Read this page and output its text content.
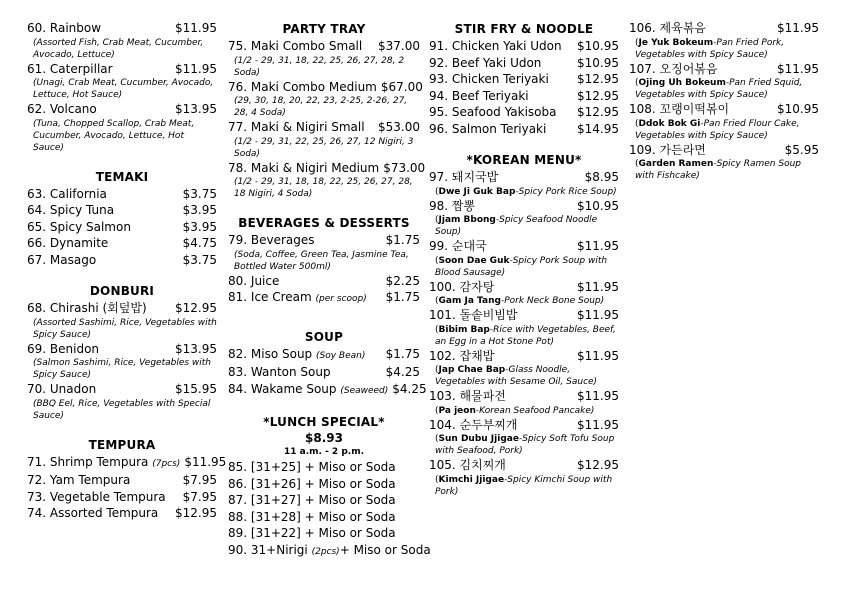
60. Rainbow	$11.95
(Assorted Fish, Crab Meat, Cucumber, Avocado, Lettuce)
61. Caterpillar	$11.95
(Unagi, Crab Meat, Cucumber, Avocado, Lettuce, Hot Sauce)
62. Volcano	$13.95
(Tuna, Chopped Scallop, Crab Meat, Cucumber, Avocado, Lettuce, Hot Sauce)
TEMAKI
63. California	$3.75
64. Spicy Tuna	$3.95
65. Spicy Salmon	$3.95
66. Dynamite	$4.75
67. Masago	$3.75
DONBURI
68. Chirashi (회덮밥) $12.95
(Assorted Sashimi, Rice, Vegetables with Spicy Sauce)
69. Benidon	$13.95
(Salmon Sashimi, Rice, Vegetables with Spicy Sauce)
70. Unadon	$15.95
(BBQ Eel, Rice, Vegetables with Special Sauce)
TEMPURA
71. Shrimp Tempura (7pcs) $11.95
72. Yam Tempura	$7.95
73. Vegetable Tempura $7.95
74. Assorted Tempura $12.95
PARTY TRAY
75. Maki Combo Small $37.00
(1/2 - 29, 31, 18, 22, 25, 26, 27, 28, 2 Soda)
76. Maki Combo Medium $67.00
(29, 30, 18, 20, 22, 23, 2-25, 2-26, 27, 28, 4 Soda)
77. Maki & Nigiri Small $53.00
(1/2 - 29, 31, 22, 25, 26, 27, 12 Nigiri, 3 Soda)
78. Maki & Nigiri Medium $73.00
(1/2 - 29, 31, 18, 18, 22, 25, 26, 27, 28, 18 Nigiri, 4 Soda)
BEVERAGES & DESSERTS
79. Beverages	$1.75
(Soda, Coffee, Green Tea, Jasmine Tea, Bottled Water 500ml)
80. Juice	$2.25
81. Ice Cream (per scoop) $1.75
SOUP
82. Miso Soup (Soy Bean) $1.75
83. Wanton Soup	$4.25
84. Wakame Soup (Seaweed) $4.25
*LUNCH SPECIAL*
$8.93
11 a.m. - 2 p.m.
85. [31+25] + Miso or Soda
86. [31+26] + Miso or Soda
87. [31+27] + Miso or Soda
88. [31+28] + Miso or Soda
89. [31+22] + Miso or Soda
90. 31+Nirigi
(2pcs) + Miso or Soda
STIR FRY & NOODLE
91. Chicken Yaki Udon $10.95
92. Beef Yaki Udon	$10.95
93. Chicken Teriyaki $12.95
94. Beef Teriyaki	$12.95
95. Seafood Yakisoba $12.95
96. Salmon Teriyaki	$14.95
*KOREAN MENU*
97. 돼지국밥	$8.95
(Dwe Ji Guk Bap-Spicy Pork Rice Soup)
98. 짬뽕	$10.95
(Jjam Bbong-Spicy Seafood Noodle Soup)
99. 순대국	$11.95
(Soon Dae Guk-Spicy Pork Soup with Blood Sausage)
100. 감자탕	$11.95
(Gam Ja Tang-Pork Neck Bone Soup)
101. 돌솥비빔밥	$11.95
(Bibim Bap-Rice with Vegetables, Beef, an Egg in a Hot Stone Pot)
102. 잡채밥	$11.95
(Jap Chae Bap-Glass Noodle, Vegetables with Sesame Oil, Sauce)
103. 해물파전	$11.95
(Pa jeon-Korean Seafood Pancake)
104. 순두부찌개	$11.95
(Sun Dubu Jjigae-Spicy Soft Tofu Soup with Seafood, Pork)
105. 김치찌개	$12.95
(Kimchi Jjigae-Spicy Kimchi Soup with Pork)
106. 제육볶음	$11.95
(Je Yuk Bokeum-Pan Fried Pork, Vegetables with Spicy Sauce)
107. 오징어볶음	$11.95
(Ojing Uh Bokeum-Pan Fried Squid, Vegetables with Spicy Sauce)
108. 꼬랭이떡볶이	$10.95
(Ddok Bok Gi-Pan Fried Flour Cake, Vegetables with Spicy Sauce)
109. 가든라면	$5.95
(Garden Ramen-Spicy Ramen Soup with Fishcake)
